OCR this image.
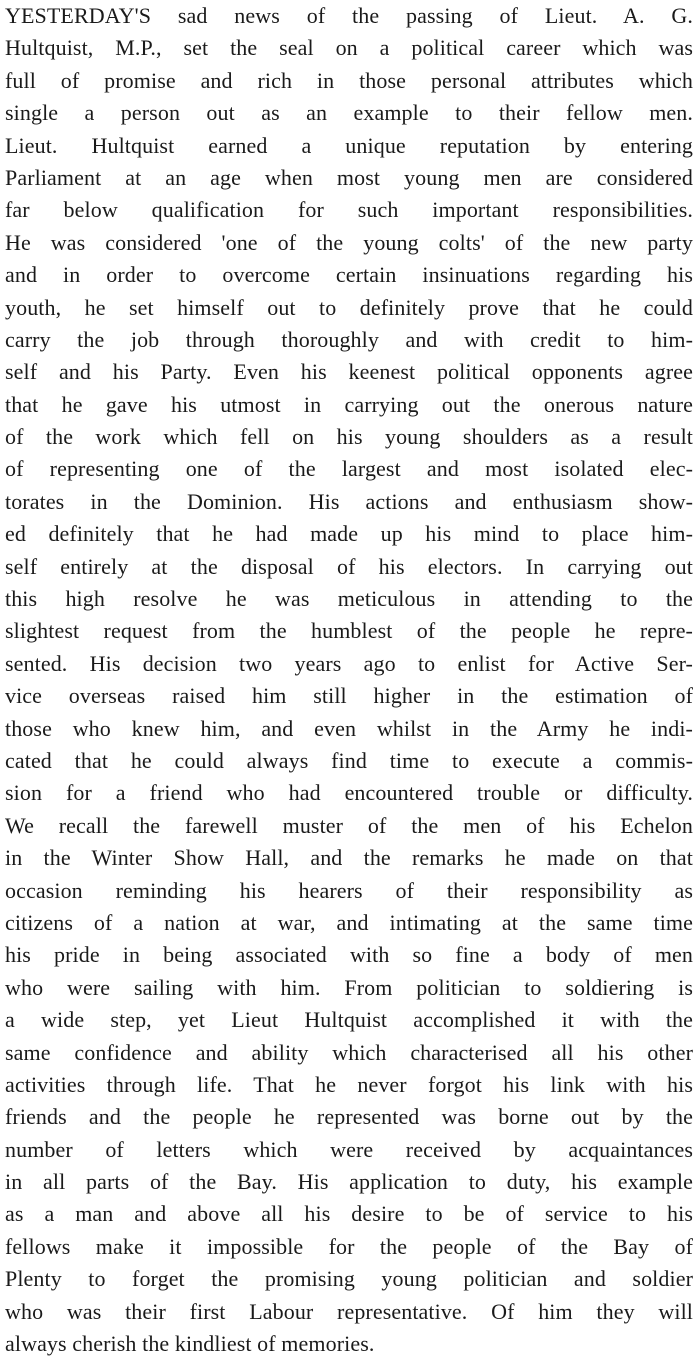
YESTERDAY'S sad news of the passing of Lieut. A. G.
Hultquist, M.P., set the seal on a political career which was
full of promise and rich in those personal attributes which
single a person out as an example to their fellow men.
Lieut. Hultquist earned a unique reputation by entering
Parliament at an age when most young men are considered
far below qualification for such important responsibilities.
He was considered 'one of the young colts' of the new party
and in order to overcome certain insinuations regarding his
youth, he set himself out to definitely prove that he could
carry the job through thoroughly and with credit to him-
self and his Party. Even his keenest political opponents agree
that he gave his utmost in carrying out the onerous nature
of the work which fell on his young shoulders as a result
of representing one of the largest and most isolated elec-
torates in the Dominion. His actions and enthusiasm show-
ed definitely that he had made up his mind to place him-
self entirely at the disposal of his electors. In carrying out
this high resolve he was meticulous in attending to the
slightest request from the humblest of the people he repre-
sented. His decision two years ago to enlist for Active Ser-
vice overseas raised him still higher in the estimation of
those who knew him, and even whilst in the Army he indi-
cated that he could always find time to execute a commis-
sion for a friend who had encountered trouble or difficulty.
We recall the farewell muster of the men of his Echelon
in the Winter Show Hall, and the remarks he made on that
occasion reminding his hearers of their responsibility as
citizens of a nation at war, and intimating at the same time
his pride in being associated with so fine a body of men
who were sailing with him. From politician to soldiering is
a wide step, yet Lieut Hultquist accomplished it with the
same confidence and ability which characterised all his other
activities through life. That he never forgot his link with his
friends and the people he represented was borne out by the
number of letters which were received by acquaintances
in all parts of the Bay. His application to duty, his example
as a man and above all his desire to be of service to his
fellows make it impossible for the people of the Bay of
Plenty to forget the promising young politician and soldier
who was their first Labour representative. Of him they will
always cherish the kindliest of memories.
